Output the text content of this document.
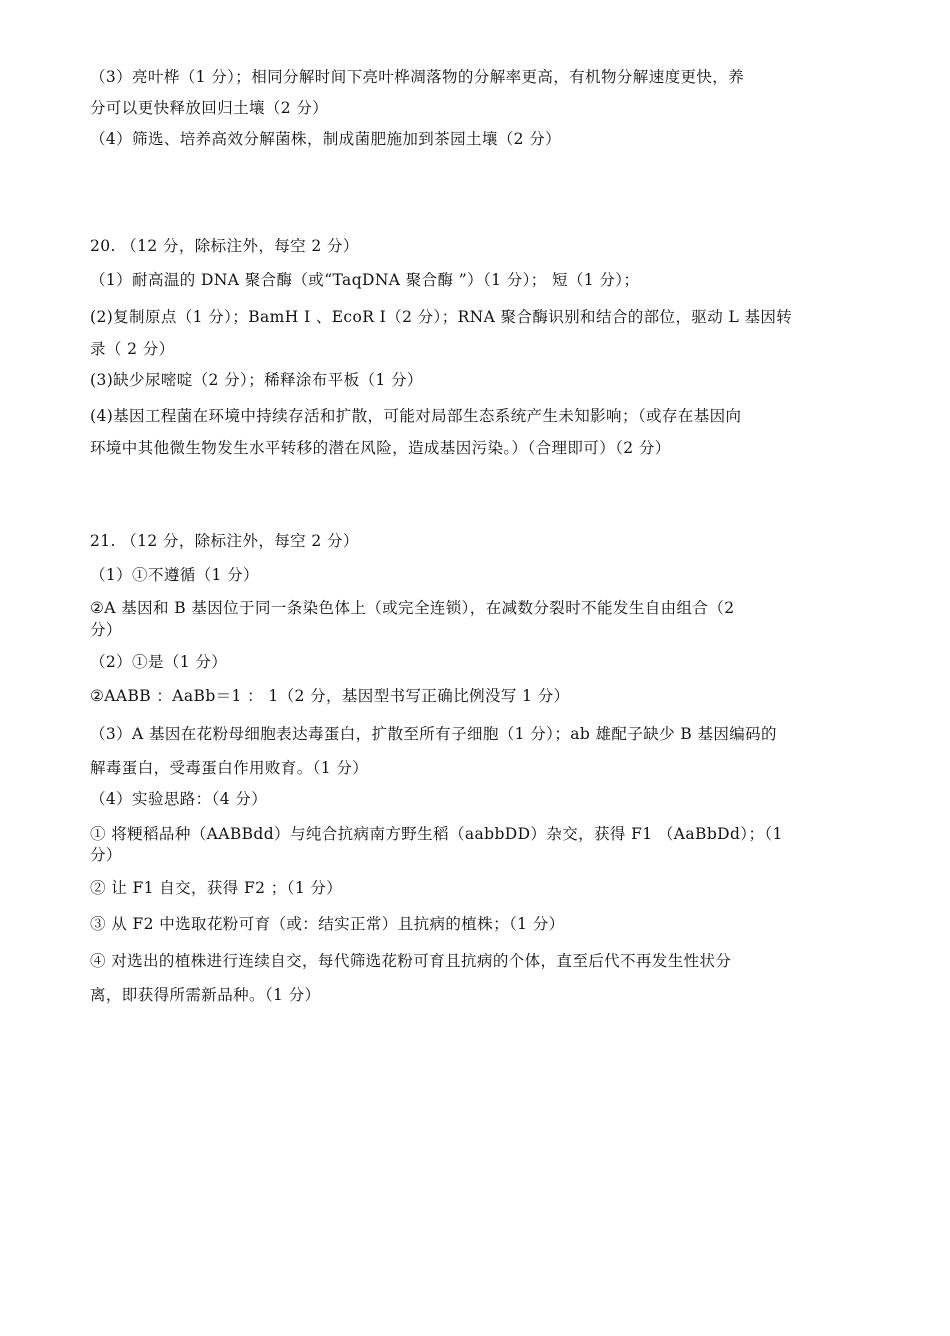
（3）亮叶桦（1 分）；相同分解时间下亮叶桦凋落物的分解率更高，有机物分解速度更快，养
分可以更快释放回归土壤（2 分）
（4）筛选、培养高效分解菌株，制成菌肥施加到茶园土壤（2 分）
20. （12 分，除标注外，每空 2 分）
（1）耐高温的 DNA 聚合酶（或“TaqDNA 聚合酶 ”）（1 分）； 短（1 分）；
(2)复制原点（1 分）；BamH Ⅰ 、EcoR Ⅰ（2 分）；RNA 聚合酶识别和结合的部位，驱动 L 基因转
录（ 2 分）
(3)缺少尿嘧啶（2 分）；稀释涂布平板（1 分）
(4)基因工程菌在环境中持续存活和扩散，可能对局部生态系统产生未知影响；（或存在基因向
环境中其他微生物发生水平转移的潜在风险，造成基因污染。）（合理即可）（2 分）
21. （12 分，除标注外，每空 2 分）
（1）①不遵循（1 分）
②A 基因和 B 基因位于同一条染色体上（或完全连锁），在减数分裂时不能发生自由组合（2
分）
（2）①是（1 分）
②AABB ：AaBb＝1 ： 1（2 分，基因型书写正确比例没写 1 分）
（3）A 基因在花粉母细胞表达毒蛋白，扩散至所有子细胞（1 分）；ab 雄配子缺少 B 基因编码的
解毒蛋白，受毒蛋白作用败育。（1 分）
（4）实验思路：（4 分）
① 将粳稻品种（AABBdd）与纯合抗病南方野生稻（aabbDD）杂交，获得 F1 （AaBbDd）；（1
分）
② 让 F1 自交，获得 F2 ；（1 分）
③ 从 F2 中选取花粉可育（或：结实正常）且抗病的植株；（1 分）
④ 对选出的植株进行连续自交，每代筛选花粉可育且抗病的个体，直至后代不再发生性状分
离，即获得所需新品种。（1 分）
